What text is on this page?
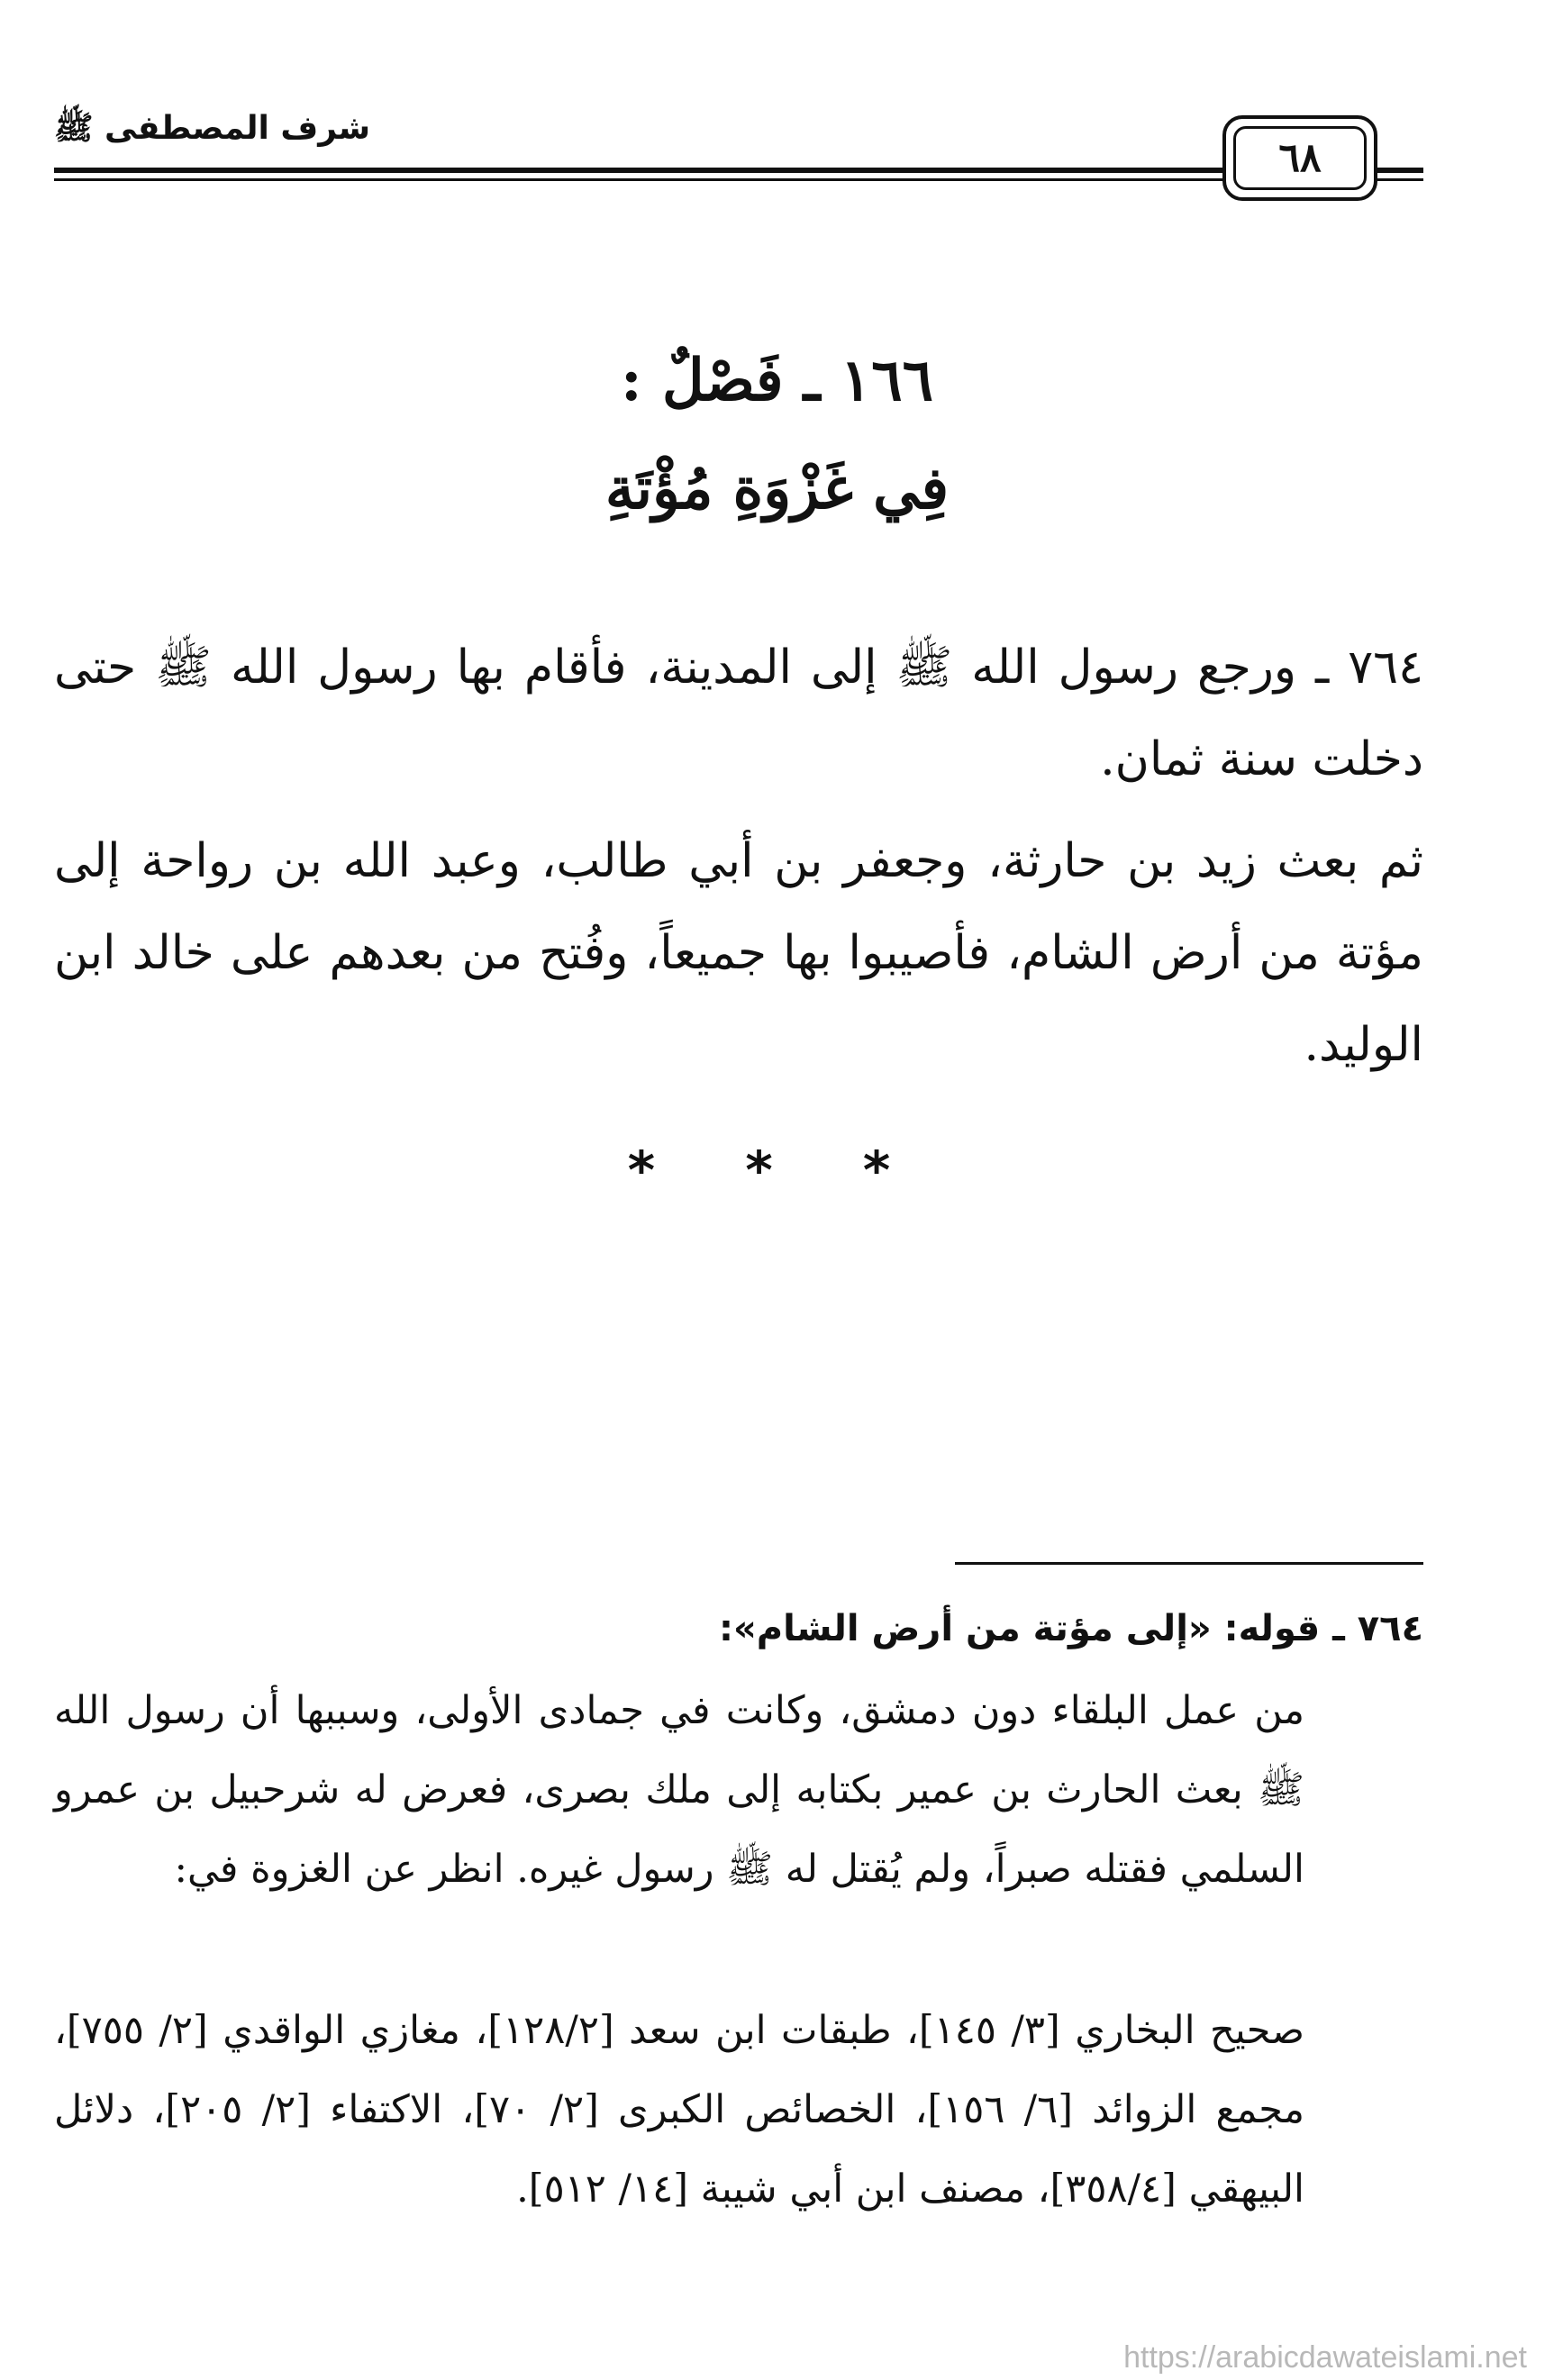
شرف المصطفى ﷺ
٦٨
١٦٦ ـ فَصْلٌ :
فِي غَزْوَةِ مُؤْتَةِ
٧٦٤ ـ ورجع رسول الله ﷺ إلى المدينة، فأقام بها رسول الله ﷺ حتى دخلت سنة ثمان.
ثم بعث زيد بن حارثة، وجعفر بن أبي طالب، وعبد الله بن رواحة إلى مؤتة من أرض الشام، فأصيبوا بها جميعاً، وفُتح من بعدهم على خالد ابن الوليد.
* * *
٧٦٤ ـ قوله: «إلى مؤتة من أرض الشام»:
من عمل البلقاء دون دمشق، وكانت في جمادى الأولى، وسببها أن رسول الله ﷺ بعث الحارث بن عمير بكتابه إلى ملك بصرى، فعرض له شرحبيل بن عمرو السلمي فقتله صبراً، ولم يُقتل له ﷺ رسول غيره. انظر عن الغزوة في:
صحيح البخاري [٣/ ١٤٥]، طبقات ابن سعد [١٢٨/٢]، مغازي الواقدي [٢/ ٧٥٥]، مجمع الزوائد [٦/ ١٥٦]، الخصائص الكبرى [٢/ ٧٠]، الاكتفاء [٢/ ٢٠٥]، دلائل البيهقي [٣٥٨/٤]، مصنف ابن أبي شيبة [١٤/ ٥١٢].
https://arabicdawateislami.net
